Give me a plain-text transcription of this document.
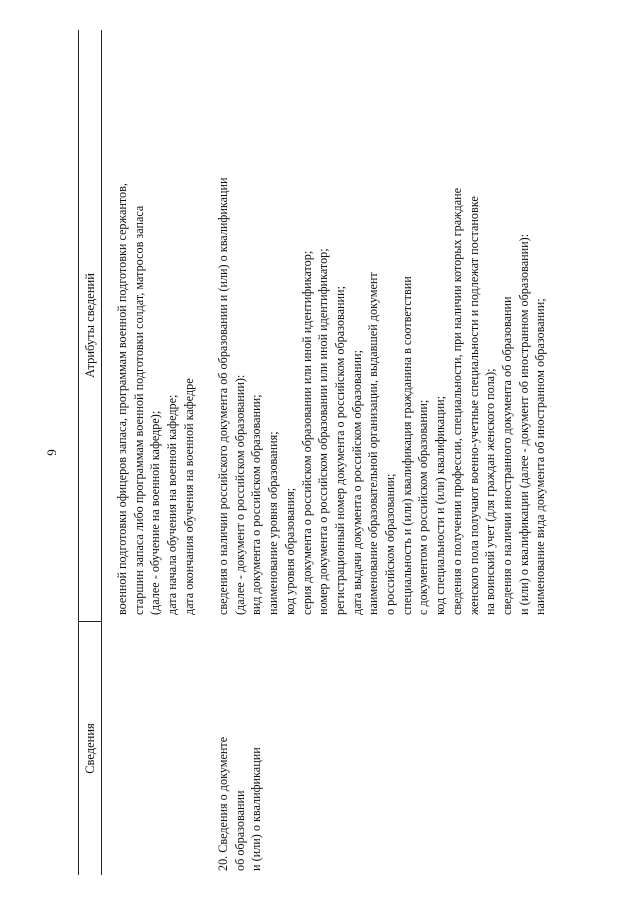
9
Сведения
Атрибуты сведений военной подготовки офицеров запаса, программам военной подготовки сержантов, старшин запаса либо программам военной подготовки солдат, матросов запаса (далее - обучение на военной кафедре); дата начала обучения на военной кафедре; дата окончания обучения на военной кафедре
20. Сведения о документе об образовании и (или) о квалификации
сведения о наличии российского документа об образовании и (или) о квалификации (далее - документ о российском образовании): вид документа о российском образовании; наименование уровня образования; код уровня образования; серия документа о российском образовании или иной идентификатор; номер документа о российском образовании или иной идентификатор; регистрационный номер документа о российском образовании; дата выдачи документа о российском образовании; наименование образовательной организации, выдавшей документ о российском образовании; специальность и (или) квалификация гражданина в соответствии с документом о российском образовании; код специальности и (или) квалификации; сведения о получении профессии, специальности, при наличии которых граждане женского пола получают военно-учетные специальности и подлежат постановке на воинский учет (для граждан женского пола); сведения о наличии иностранного документа об образовании и (или) о квалификации (далее - документ об иностранном образовании): наименование вида документа об иностранном образовании;
